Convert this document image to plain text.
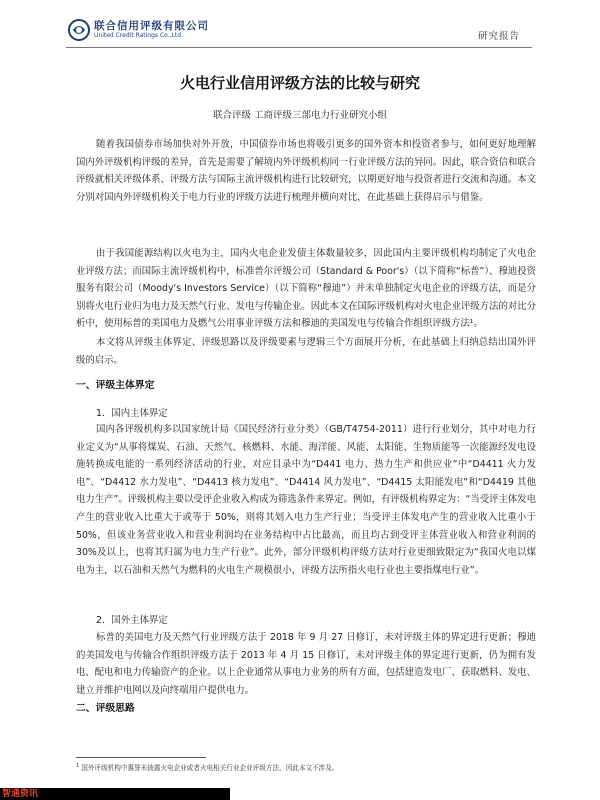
联合信用评级有限公司
United Credit Ratings Co.,Ltd.	研究报告
火电行业信用评级方法的比较与研究
联合评级 工商评级三部电力行业研究小组

随着我国债券市场加快对外开放，中国债券市场也将吸引更多的国外资本和投资者参与，如何更好地理解国内外评级机构评级的差异，首先是需要了解境内外评级机构同一行业评级方法的异同。因此，联合资信和联合评级就相关评级体系、评级方法与国际主流评级机构进行比较研究，以期更好地与投资者进行交流和沟通。本文分别对国内外评级机构关于电力行业的评级方法进行梳理并横向对比，在此基础上获得启示与借鉴。

由于我国能源结构以火电为主，国内火电企业发债主体数量较多，因此国内主要评级机构均制定了火电企业评级方法；而国际主流评级机构中，标准普尔评级公司（Standard & Poor's）（以下简称“标普”）、穆迪投资服务有限公司（Moody's Investors Service）（以下简称“穆迪”）并未单独制定火电企业的评级方法，而是分别将火电行业归为电力及天然气行业、发电与传输企业。因此本文在国际评级机构对火电企业评级方法的对比分析中，使用标普的美国电力及燃气公用事业评级方法和穆迪的美国发电与传输合作组织评级方法¹。

本文将从评级主体界定、评级思路以及评级要素与逻辑三个方面展开分析，在此基础上归纳总结出国外评级的启示。

一、评级主体界定
1．国内主体界定

国内各评级机构多以国家统计局《国民经济行业分类》（GB/T4754-2011）进行行业划分，其中对电力行业定义为“从事将煤炭、石油、天然气、核燃料、水能、海洋能、风能、太阳能、生物质能等一次能源经发电设施转换成电能的一系列经济活动的行业，对应目录中为“D441 电力、热力生产和供应业”中“D4411 火力发电”、“D4412 水力发电”、“D4413 核力发电”、“D4414 风力发电”、“D4415 太阳能发电”和“D4419 其他电力生产”。评级机构主要以受评企业收入构成为筛选条件来界定。例如，有评级机构界定为：“当受评主体发电产生的营业收入比重大于或等于 50%，则将其划入电力生产行业；当受评主体发电产生的营业收入比重小于 50%，但该业务营业收入和营业利润均在业务结构中占比最高，而且均占到受评主体营业收入和营业利润的 30%及以上，也将其归属为电力生产行业”。此外，部分评级机构评级方法对行业更细致限定为“我国火电以煤电为主，以石油和天然气为燃料的火电生产规模很小，评级方法所指火电行业也主要指煤电行业”。

2．国外主体界定

标普的美国电力及天然气行业评级方法于 2018 年 9 月 27 日修订，未对评级主体的界定进行更新；穆迪的美国发电与传输合作组织评级方法于 2013 年 4 月 15 日修订，未对评级主体的界定进行更新，仍为拥有发电、配电和电力传输资产的企业。以上企业通常从事电力业务的所有方面，包括建造发电厂、获取燃料、发电、建立并维护电网以及向终端用户提供电力。

二、评级思路
$^1$ 国外评级机构中惠誉未披露火电企业或者火电相关行业企业评级方法，因此本文不涉及。
智通资讯
